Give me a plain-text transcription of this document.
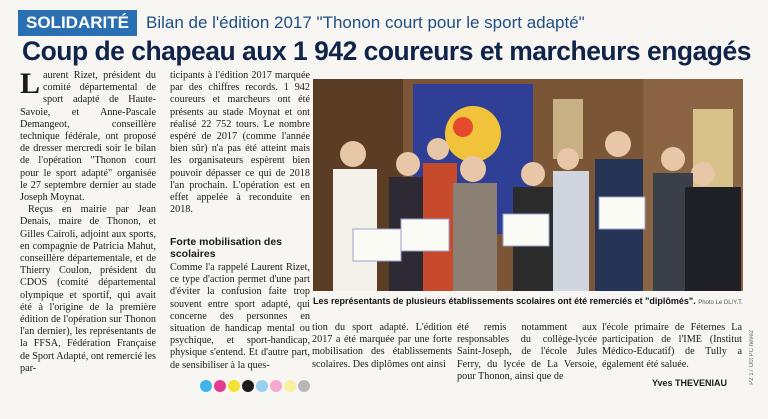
SOLIDARITÉ	Bilan de l'édition 2017 "Thonon court pour le sport adapté"
Coup de chapeau aux 1 942 coureurs et marcheurs engagés

Laurent Rizet, président du comité départemental de sport adapté de Haute-Savoie, et Anne-Pascale Demangeot, conseillère technique fédérale, ont proposé de dresser mercredi soir le bilan de l'opération "Thonon court pour le sport adapté" organisée le 27 septembre dernier au stade Joseph Moynat.

Reçus en mairie par Jean Denais, maire de Thonon, et Gilles Cairoli, adjoint aux sports, en compagnie de Patricia Mahut, conseillère départementale, et de Thierry Coulon, président du CDOS (comité départemental olympique et sportif, qui avait été à l'origine de la première édition de l'opération sur Thonon l'an dernier), les représentants de la FFSA, Fédération Française de Sport Adapté, ont remercié les par-

ticipants à l'édition 2017 marquée par des chiffres records. 1 942 coureurs et marcheurs ont été présents au stade Moynat et ont réalisé 22 752 tours. Le nombre espéré de 2017 (comme l'année bien sûr) n'a pas été atteint mais les organisateurs espèrent bien pouvoir dépasser ce qui de 2018 l'an prochain. L'opération est en effet appelée à reconduite en 2018.

Forte mobilisation des scolaires

Comme l'a rappelé Laurent Rizet, ce type d'action permet d'une part d'éviter la confusion faite trop souvent entre sport adapté, qui concerne des personnes en situation de handicap mental ou psychique, et sport-handicap, physique s'entend. Et d'autre part, de sensibiliser à la ques-

Les représentants de plusieurs établissements scolaires ont été remerciés et "diplômés". Photo Le DL/Y.T.

tion du sport adapté. L'édition 2017 a été marquée par une forte mobilisation des établissements scolaires. Des diplômes ont ainsi

été remis notamment aux responsables du collège-lycée Saint-Joseph, de l'école Jules Ferry, du lycée de La Versoie, pour Thonon, ainsi que de

l'école primaire de Féternes La participation de l'IME (Institut Médico-Educatif) de Tully a également été saluée.

Yves THEVENIAU	P2 17 Oct PC neve2
